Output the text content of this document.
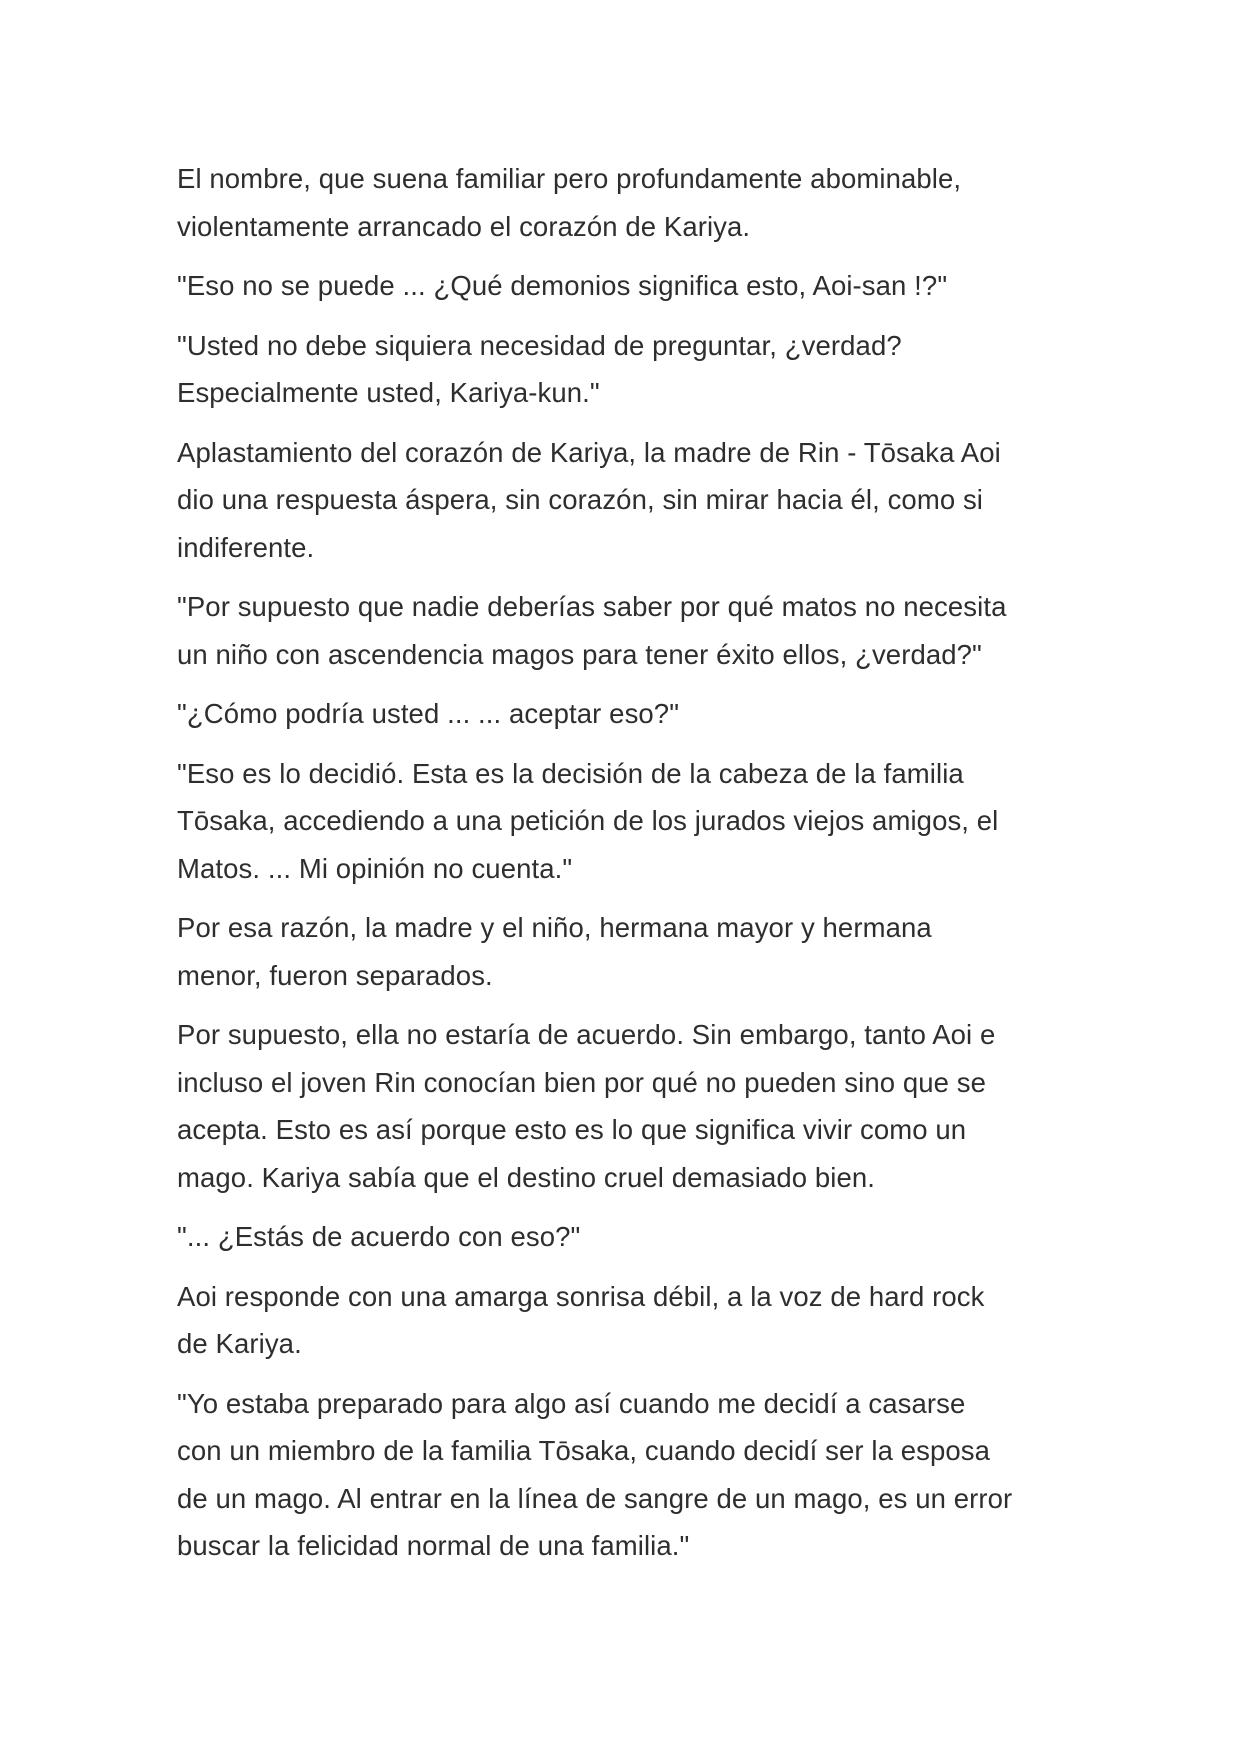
El nombre, que suena familiar pero profundamente abominable,
violentamente arrancado el corazón de Kariya.

"Eso no se puede ... ¿Qué demonios significa esto, Aoi-san !?"

"Usted no debe siquiera necesidad de preguntar, ¿verdad?
Especialmente usted, Kariya-kun."

Aplastamiento del corazón de Kariya, la madre de Rin - Tōsaka Aoi
dio una respuesta áspera, sin corazón, sin mirar hacia él, como si
indiferente.

"Por supuesto que nadie deberías saber por qué matos no necesita
un niño con ascendencia magos para tener éxito ellos, ¿verdad?"

"¿Cómo podría usted ... ... aceptar eso?"

"Eso es lo decidió. Esta es la decisión de la cabeza de la familia
Tōsaka, accediendo a una petición de los jurados viejos amigos, el
Matos. ... Mi opinión no cuenta."

Por esa razón, la madre y el niño, hermana mayor y hermana
menor, fueron separados.

Por supuesto, ella no estaría de acuerdo. Sin embargo, tanto Aoi e
incluso el joven Rin conocían bien por qué no pueden sino que se
acepta. Esto es así porque esto es lo que significa vivir como un
mago. Kariya sabía que el destino cruel demasiado bien.

"... ¿Estás de acuerdo con eso?"

Aoi responde con una amarga sonrisa débil, a la voz de hard rock
de Kariya.

"Yo estaba preparado para algo así cuando me decidí a casarse
con un miembro de la familia Tōsaka, cuando decidí ser la esposa
de un mago. Al entrar en la línea de sangre de un mago, es un error
buscar la felicidad normal de una familia."
